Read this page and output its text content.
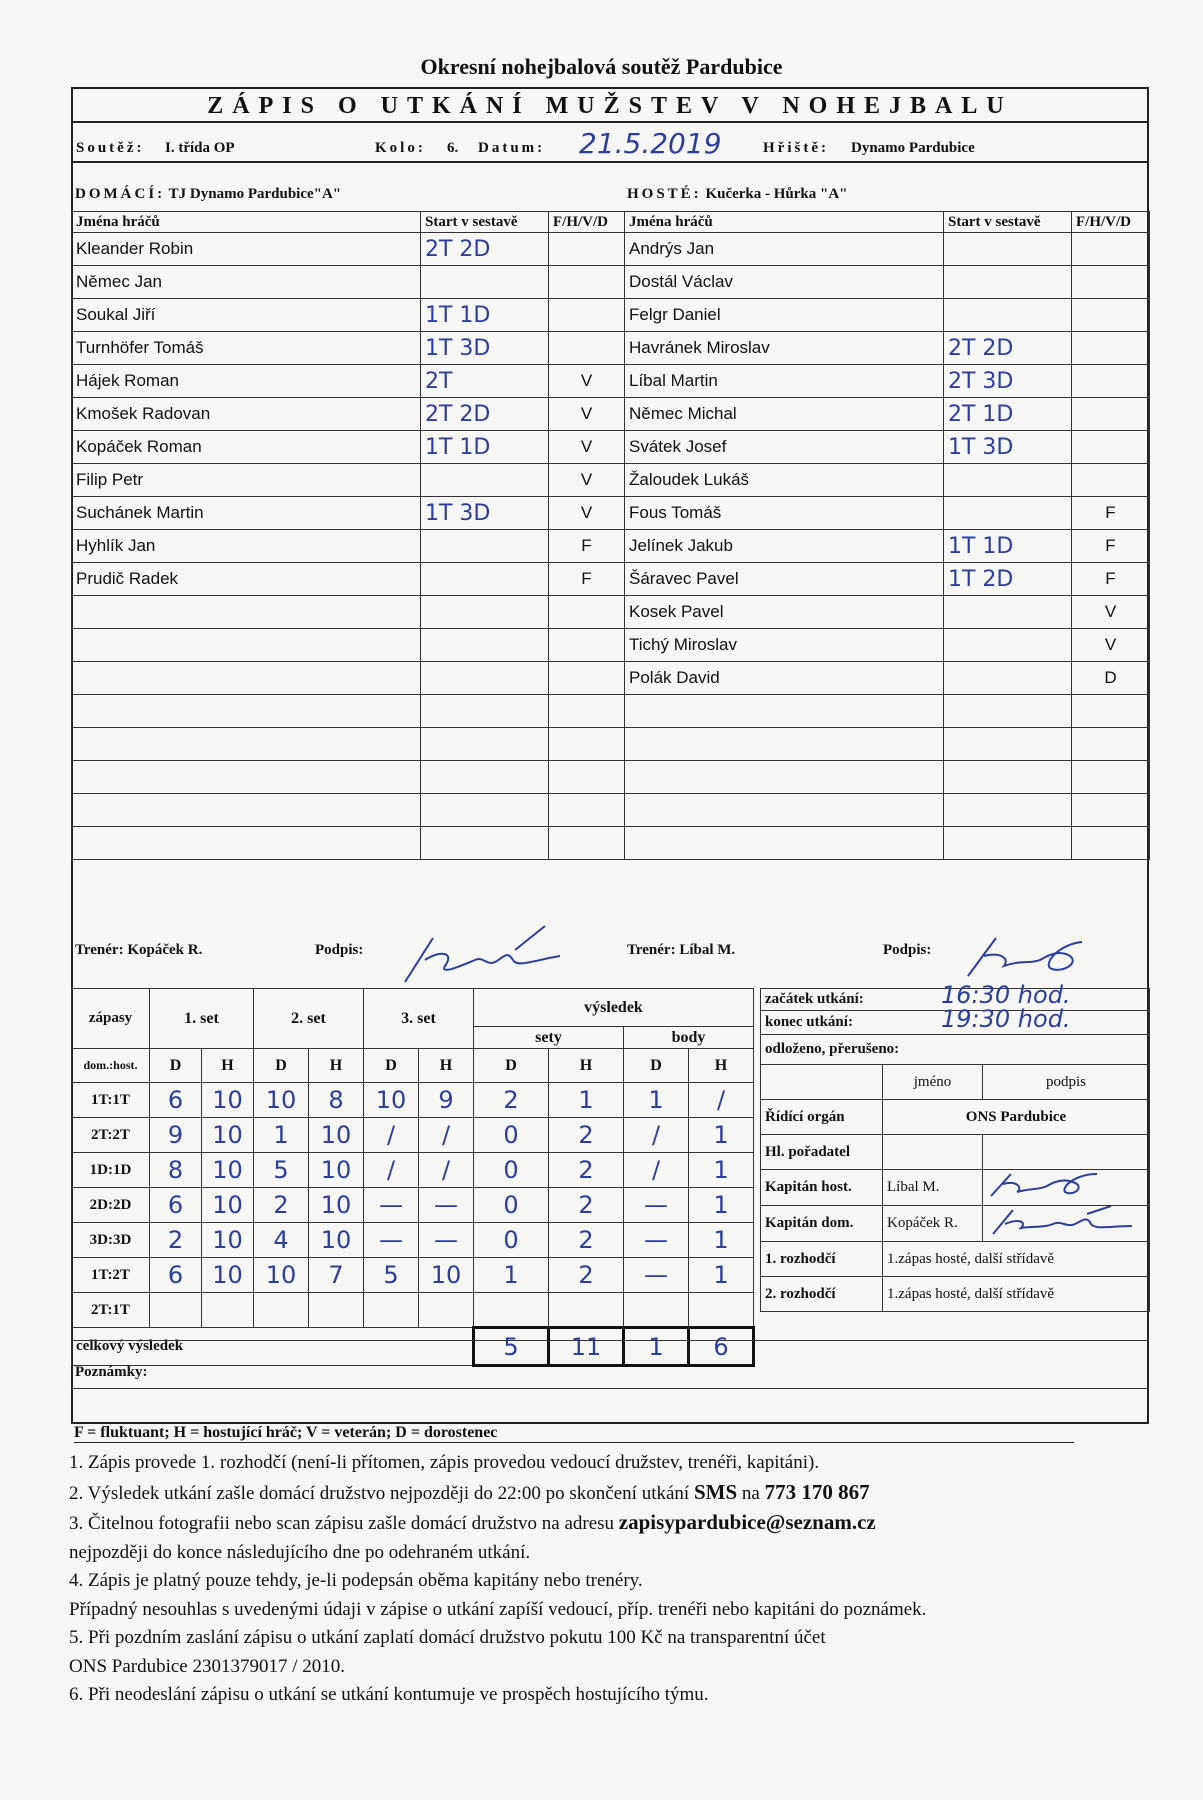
Okresní nohejbalová soutěž Pardubice
ZÁPIS O UTKÁNÍ MUŽSTEV V NOHEJBALU
Soutěž: I. třída OP	Kolo: 6. Datum: 21.5.2019	Hřiště: Dynamo Pardubice
DOMÁCÍ: TJ Dynamo Pardubice"A"	HOSTÉ: Kučerka - Hůrka "A"
Jména hráčů	Start v sestavě	F/H/V/D
Kleander Robin	2T 2D	
Němec Jan		
Soukal Jiří	1T 1D	
Turnhöfer Tomáš	1T 3D	
Hájek Roman	2T	V
Kmošek Radovan	2T 2D	V
Kopáček Roman	1T 1D	V
Filip Petr		V
Suchánek Martin	1T 3D	V
Hyhlík Jan		F
Prudič Radek		F

Jména hráčů	Start v sestavě	F/H/V/D
Andrýs Jan		
Dostál Václav		
Felgr Daniel		
Havránek Miroslav	2T 2D	
Líbal Martin	2T 3D	
Němec Michal	2T 1D	
Svátek Josef	1T 3D	
Žaloudek Lukáš		
Fous Tomáš		F
Jelínek Jakub	1T 1D	F
Šáravec Pavel	1T 2D	F
Kosek Pavel		V
Tichý Miroslav		V
Polák David		D

Trenér: Kopáček R.	Podpis:	Trenér: Líbal M.	Podpis:
zápasy	1. set		2. set		3. set		výsledek			
							sety		body	
dom.:host.	D	H	D	H	D	H	D	H	D	H
1T:1T	6	10	10	8	10	9	2	1	1	/
2T:2T	9	10	1	10	/	/	0	2	/	1
1D:1D	8	10	5	10	/	/	0	2	/	1
2D:2D	6	10	2	10	—	—	0	2	—	1
3D:3D	2	10	4	10	—	—	0	2	—	1
1T:2T	6	10	10	7	5	10	1	2	—	1
2T:1T										
celkový výsledek							5	11	1	6
začátek utkání: 16:30 hod.		

konec utkání: 19:30 hod.		

odloženo, přerušeno:		
	jméno	podpis
Řídící orgán	ONS Pardubice	
Hl. pořadatel		
Kapitán host.	Líbal M.	
Kapitán dom.	Kopáček R.	
1. rozhodčí	1.zápas hosté, další střídavě	
2. rozhodčí	1.zápas hosté, další střídavě	
Poznámky:
F = fluktuant; H = hostující hráč; V = veterán; D = dorostenec
1. Zápis provede 1. rozhodčí (není-li přítomen, zápis provedou vedoucí družstev, trenéři, kapitáni).
2. Výsledek utkání zašle domácí družstvo nejpozději do 22:00 po skončení utkání SMS na 773 170 867
3. Čitelnou fotografii nebo scan zápisu zašle domácí družstvo na adresu zapisypardubice@seznam.cz
nejpozději do konce následujícího dne po odehraném utkání.
4. Zápis je platný pouze tehdy, je-li podepsán oběma kapitány nebo trenéry.
Případný nesouhlas s uvedenými údaji v zápise o utkání zapíší vedoucí, příp. trenéři nebo kapitáni do poznámek.
5. Při pozdním zaslání zápisu o utkání zaplatí domácí družstvo pokutu 100 Kč na transparentní účet
ONS Pardubice 2301379017 / 2010.
6. Při neodeslání zápisu o utkání se utkání kontumuje ve prospěch hostujícího týmu.
